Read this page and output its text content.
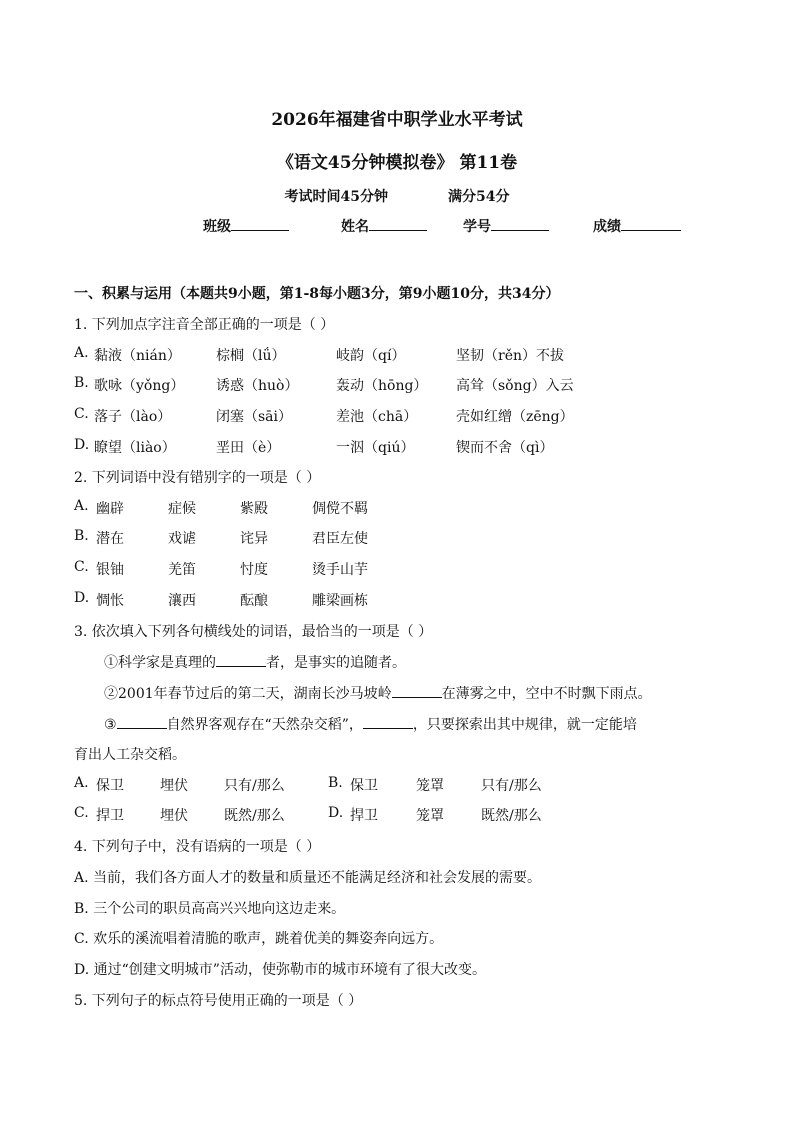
2026年福建省中职学业水平考试
《语文45分钟模拟卷》 第11卷
考试时间45分钟	满分54分
班级	姓名	学号	成绩
一、积累与运用（本题共9小题，第1-8每小题3分，第9小题10分，共34分）
1. 下列加点字注音全部正确的一项是（ ）
A. 黏液（nián）	棕榈（lǘ）	岐韵（qí）	坚韧（rěn）不拔
B. 歌咏（yǒng） 诱惑（huò）	轰动（hōng） 高耸（sǒng）入云
C. 落子（lào）	闭塞（sāi）	差池（chā）	壳如红缯（zēng）
D. 瞭望（liào）	垩田（è）	一泅（qiú）	锲而不舍（qì）
2. 下列词语中没有错别字的一项是（ ）
A. 幽辟	症候	紫殿	倜傥不羁
B. 潜在	戏谑	诧异	君臣左使
C. 银铀	羌笛	忖度	烫手山芋
D. 惆怅	瀼西	酝酿	雕梁画栋
3. 依次填入下列各句横线处的词语，最恰当的一项是（ ）
①科学家是真理的	者，是事实的追随者。
②2001年春节过后的第二天，湖南长沙马坡岭	在薄雾之中，空中不时飘下雨点。
③	自然界客观存在“天然杂交稻”，	，只要探索出其中规律，就一定能培
育出人工杂交稻。
A. 保卫	埋伏	只有/那么	B. 保卫	笼罩	只有/那么
C. 捍卫	埋伏	既然/那么	D. 捍卫	笼罩	既然/那么
4. 下列句子中，没有语病的一项是（ ）
A. 当前，我们各方面人才的数量和质量还不能满足经济和社会发展的需要。
B. 三个公司的职员高高兴兴地向这边走来。
C. 欢乐的溪流唱着清脆的歌声，跳着优美的舞姿奔向远方。
D. 通过“创建文明城市”活动，使弥勒市的城市环境有了很大改变。
5. 下列句子的标点符号使用正确的一项是（ ）
